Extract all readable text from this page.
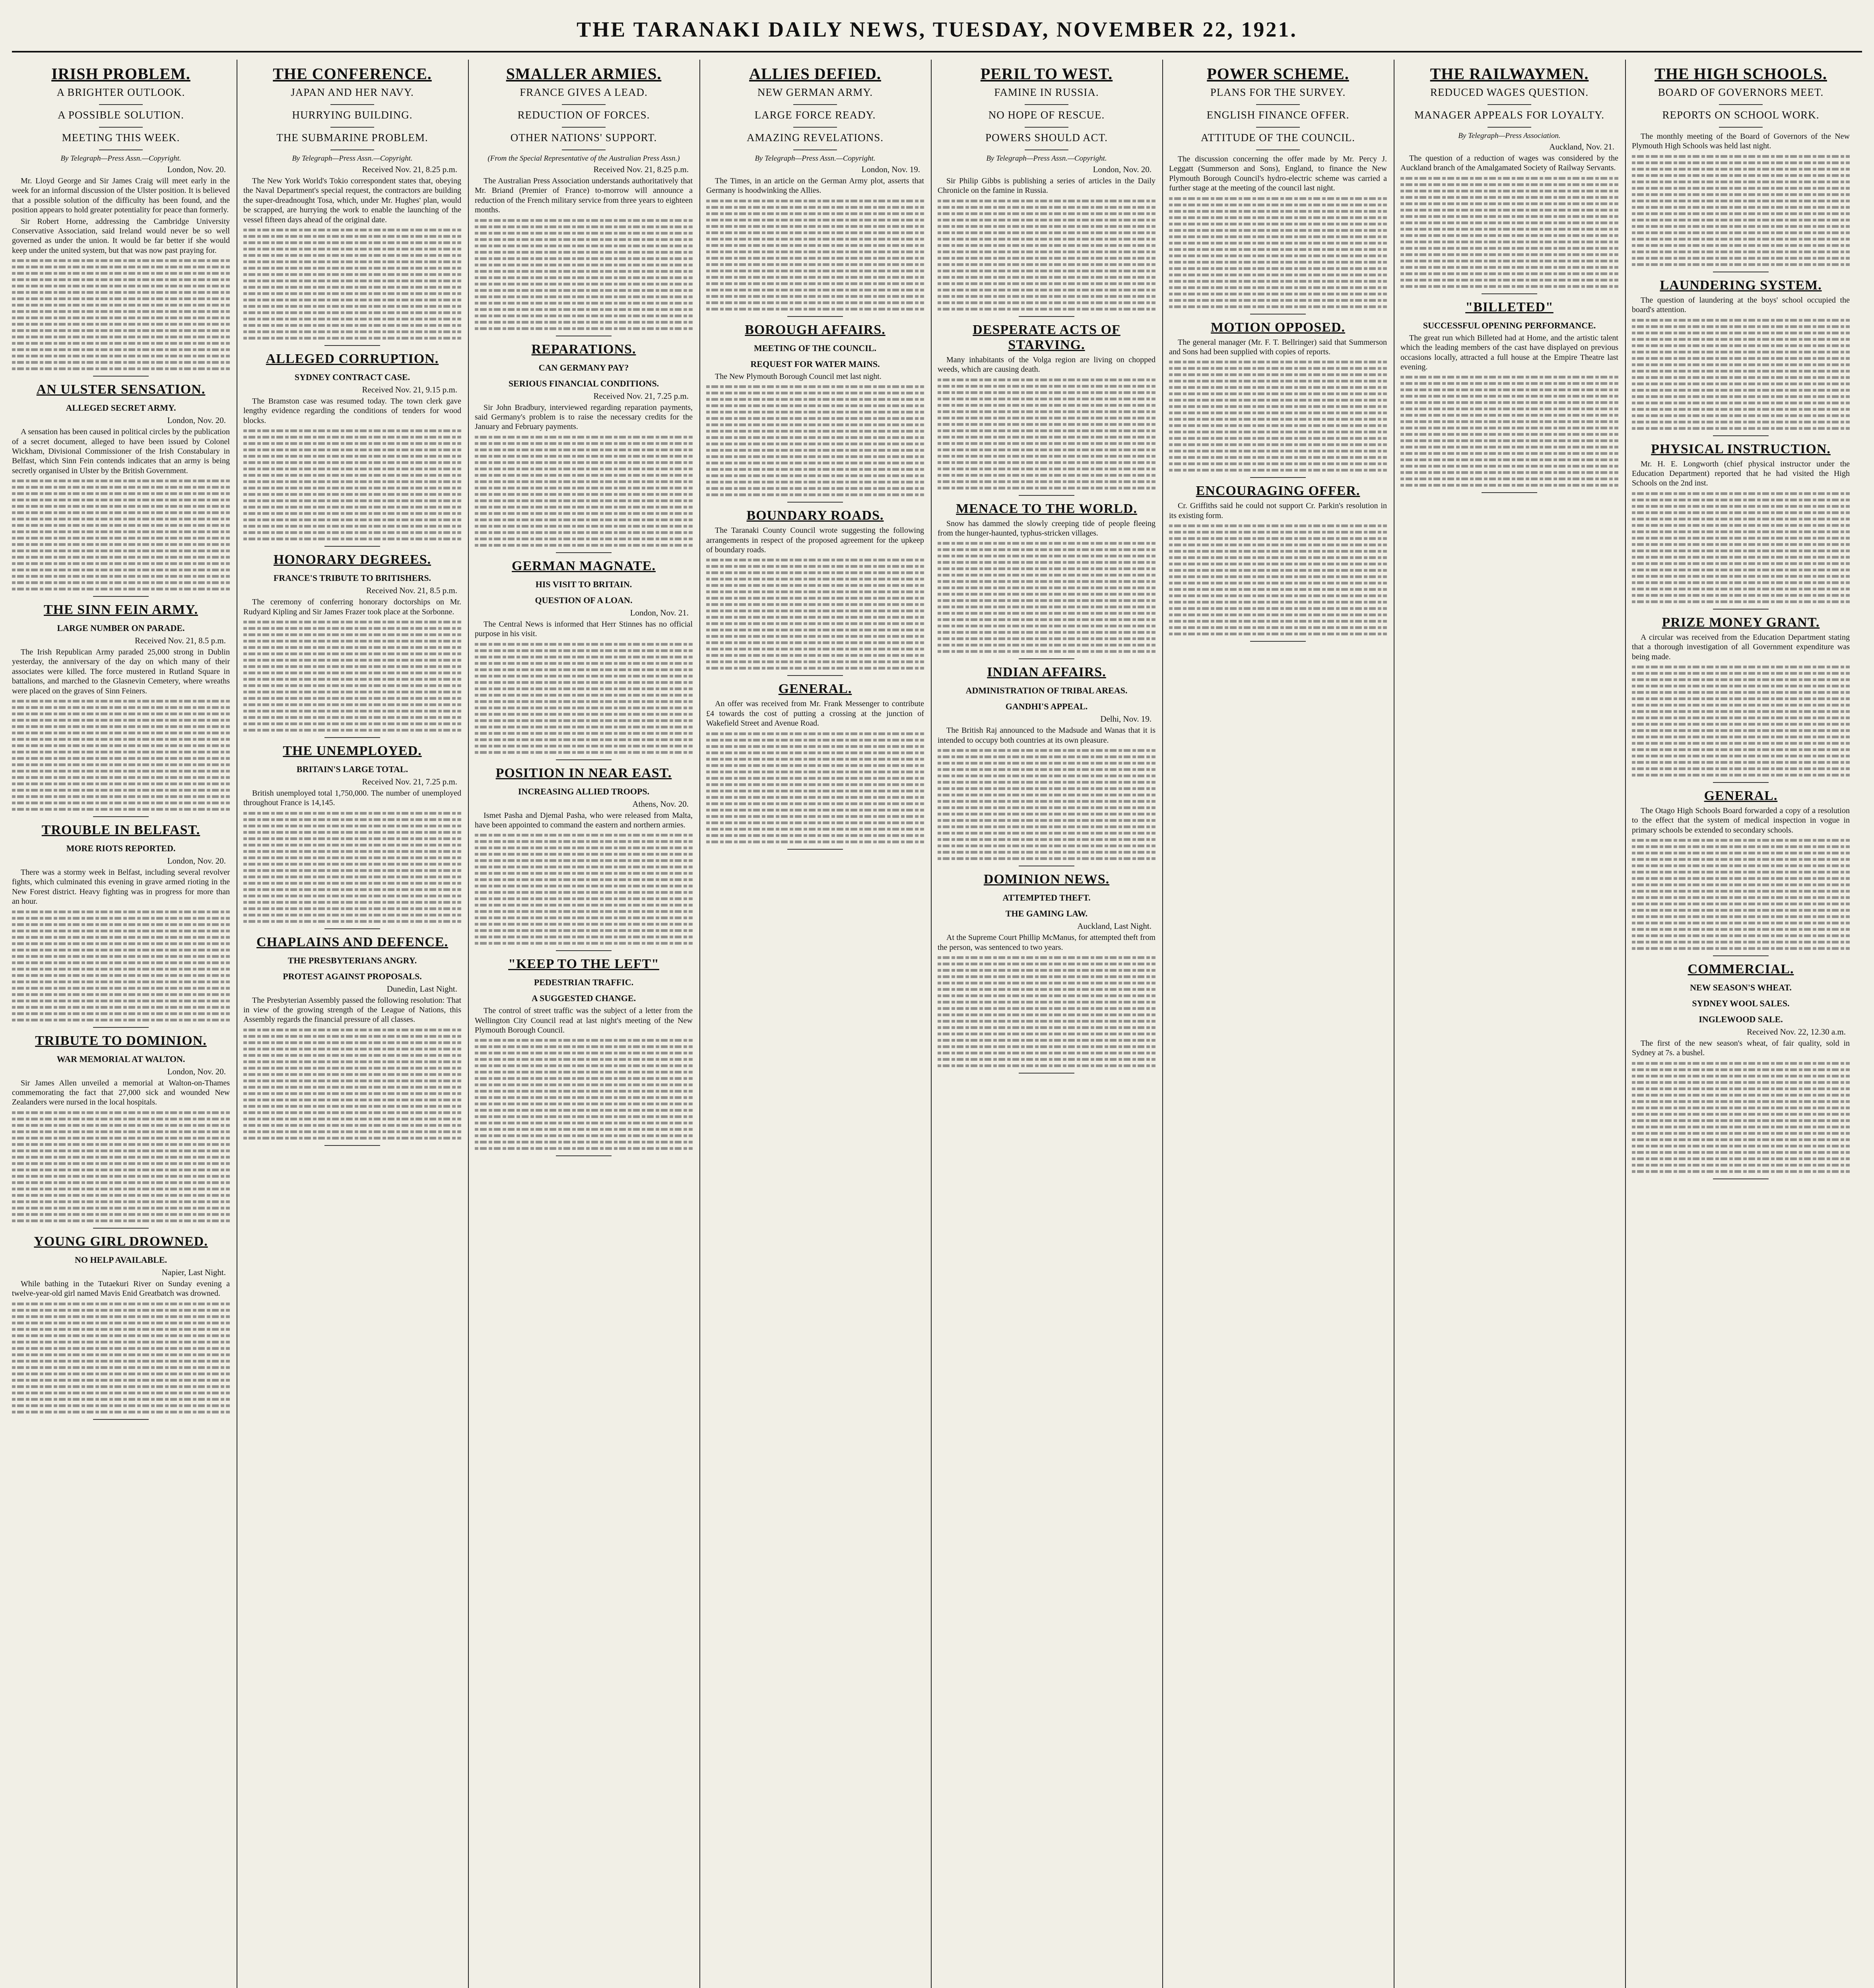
THE TARANAKI DAILY NEWS, TUESDAY, NOVEMBER 22, 1921.
IRISH PROBLEM.
A BRIGHTER OUTLOOK.
A POSSIBLE SOLUTION.
MEETING THIS WEEK.
By Telegraph—Press Assn.—Copyright.
London, Nov. 20.

Mr. Lloyd George and Sir James Craig will meet early in the week for an informal discussion of the Ulster position. It is believed that a possible solution of the difficulty has been found, and the position appears to hold greater potentiality for peace than formerly.

Sir Robert Horne, addressing the Cambridge University Conservative Association, said Ireland would never be so well governed as under the union. It would be far better if she would keep under the united system, but that was now past praying for.

AN ULSTER SENSATION.
ALLEGED SECRET ARMY.
London, Nov. 20.

A sensation has been caused in political circles by the publication of a secret document, alleged to have been issued by Colonel Wickham, Divisional Commissioner of the Irish Constabulary in Belfast, which Sinn Fein contends indicates that an army is being secretly organised in Ulster by the British Government.

THE SINN FEIN ARMY.
LARGE NUMBER ON PARADE.
Received Nov. 21, 8.5 p.m.

The Irish Republican Army paraded 25,000 strong in Dublin yesterday, the anniversary of the day on which many of their associates were killed. The force mustered in Rutland Square in battalions, and marched to the Glasnevin Cemetery, where wreaths were placed on the graves of Sinn Feiners.

TROUBLE IN BELFAST.
MORE RIOTS REPORTED.
London, Nov. 20.

There was a stormy week in Belfast, including several revolver fights, which culminated this evening in grave armed rioting in the New Forest district. Heavy fighting was in progress for more than an hour.

TRIBUTE TO DOMINION.
WAR MEMORIAL AT WALTON.
London, Nov. 20.

Sir James Allen unveiled a memorial at Walton-on-Thames commemorating the fact that 27,000 sick and wounded New Zealanders were nursed in the local hospitals.

YOUNG GIRL DROWNED.
NO HELP AVAILABLE.
Napier, Last Night.

While bathing in the Tutaekuri River on Sunday evening a twelve-year-old girl named Mavis Enid Greatbatch was drowned.

THE CONFERENCE.
JAPAN AND HER NAVY.
HURRYING BUILDING.
THE SUBMARINE PROBLEM.
By Telegraph—Press Assn.—Copyright.
Received Nov. 21, 8.25 p.m.

The New York World's Tokio correspondent states that, obeying the Naval Department's special request, the contractors are building the super-dreadnought Tosa, which, under Mr. Hughes' plan, would be scrapped, are hurrying the work to enable the launching of the vessel fifteen days ahead of the original date.

ALLEGED CORRUPTION.
SYDNEY CONTRACT CASE.
Received Nov. 21, 9.15 p.m.

The Bramston case was resumed today. The town clerk gave lengthy evidence regarding the conditions of tenders for wood blocks.

HONORARY DEGREES.
FRANCE'S TRIBUTE TO BRITISHERS.
Received Nov. 21, 8.5 p.m.

The ceremony of conferring honorary doctorships on Mr. Rudyard Kipling and Sir James Frazer took place at the Sorbonne.

THE UNEMPLOYED.
BRITAIN'S LARGE TOTAL.
Received Nov. 21, 7.25 p.m.

British unemployed total 1,750,000. The number of unemployed throughout France is 14,145.

CHAPLAINS AND DEFENCE.
THE PRESBYTERIANS ANGRY.
PROTEST AGAINST PROPOSALS.
Dunedin, Last Night.

The Presbyterian Assembly passed the following resolution: That in view of the growing strength of the League of Nations, this Assembly regards the financial pressure of all classes.

SMALLER ARMIES.
FRANCE GIVES A LEAD.
REDUCTION OF FORCES.
OTHER NATIONS' SUPPORT.
(From the Special Representative of the Australian Press Assn.)
Received Nov. 21, 8.25 p.m.

The Australian Press Association understands authoritatively that Mr. Briand (Premier of France) to-morrow will announce a reduction of the French military service from three years to eighteen months.

REPARATIONS.
CAN GERMANY PAY?
SERIOUS FINANCIAL CONDITIONS.
Received Nov. 21, 7.25 p.m.

Sir John Bradbury, interviewed regarding reparation payments, said Germany's problem is to raise the necessary credits for the January and February payments.

GERMAN MAGNATE.
HIS VISIT TO BRITAIN.
QUESTION OF A LOAN.
London, Nov. 21.

The Central News is informed that Herr Stinnes has no official purpose in his visit.

POSITION IN NEAR EAST.
INCREASING ALLIED TROOPS.
Athens, Nov. 20.

Ismet Pasha and Djemal Pasha, who were released from Malta, have been appointed to command the eastern and northern armies.

"KEEP TO THE LEFT"
PEDESTRIAN TRAFFIC.
A SUGGESTED CHANGE.

The control of street traffic was the subject of a letter from the Wellington City Council read at last night's meeting of the New Plymouth Borough Council.

ALLIES DEFIED.
NEW GERMAN ARMY.
LARGE FORCE READY.
AMAZING REVELATIONS.
By Telegraph—Press Assn.—Copyright.
London, Nov. 19.

The Times, in an article on the German Army plot, asserts that Germany is hoodwinking the Allies.

BOROUGH AFFAIRS.
MEETING OF THE COUNCIL.
REQUEST FOR WATER MAINS.

The New Plymouth Borough Council met last night.

BOUNDARY ROADS.

The Taranaki County Council wrote suggesting the following arrangements in respect of the proposed agreement for the upkeep of boundary roads.

GENERAL.

An offer was received from Mr. Frank Messenger to contribute £4 towards the cost of putting a crossing at the junction of Wakefield Street and Avenue Road.

PERIL TO WEST.
FAMINE IN RUSSIA.
NO HOPE OF RESCUE.
POWERS SHOULD ACT.
By Telegraph—Press Assn.—Copyright.
London, Nov. 20.

Sir Philip Gibbs is publishing a series of articles in the Daily Chronicle on the famine in Russia.

DESPERATE ACTS OF STARVING.

Many inhabitants of the Volga region are living on chopped weeds, which are causing death.

MENACE TO THE WORLD.

Snow has dammed the slowly creeping tide of people fleeing from the hunger-haunted, typhus-stricken villages.

INDIAN AFFAIRS.
ADMINISTRATION OF TRIBAL AREAS.
GANDHI'S APPEAL.
Delhi, Nov. 19.

The British Raj announced to the Madsude and Wanas that it is intended to occupy both countries at its own pleasure.

DOMINION NEWS.
ATTEMPTED THEFT.
THE GAMING LAW.
Auckland, Last Night.

At the Supreme Court Phillip McManus, for attempted theft from the person, was sentenced to two years.

POWER SCHEME.
PLANS FOR THE SURVEY.
ENGLISH FINANCE OFFER.
ATTITUDE OF THE COUNCIL.

The discussion concerning the offer made by Mr. Percy J. Leggatt (Summerson and Sons), England, to finance the New Plymouth Borough Council's hydro-electric scheme was carried a further stage at the meeting of the council last night.

MOTION OPPOSED.

The general manager (Mr. F. T. Bellringer) said that Summerson and Sons had been supplied with copies of reports.

ENCOURAGING OFFER.

Cr. Griffiths said he could not support Cr. Parkin's resolution in its existing form.

THE RAILWAYMEN.
REDUCED WAGES QUESTION.
MANAGER APPEALS FOR LOYALTY.
By Telegraph—Press Association.
Auckland, Nov. 21.

The question of a reduction of wages was considered by the Auckland branch of the Amalgamated Society of Railway Servants.

"BILLETED"
SUCCESSFUL OPENING PERFORMANCE.

The great run which Billeted had at Home, and the artistic talent which the leading members of the cast have displayed on previous occasions locally, attracted a full house at the Empire Theatre last evening.

THE HIGH SCHOOLS.
BOARD OF GOVERNORS MEET.
REPORTS ON SCHOOL WORK.

The monthly meeting of the Board of Governors of the New Plymouth High Schools was held last night.

LAUNDERING SYSTEM.

The question of laundering at the boys' school occupied the board's attention.

PHYSICAL INSTRUCTION.

Mr. H. E. Longworth (chief physical instructor under the Education Department) reported that he had visited the High Schools on the 2nd inst.

PRIZE MONEY GRANT.

A circular was received from the Education Department stating that a thorough investigation of all Government expenditure was being made.

GENERAL.

The Otago High Schools Board forwarded a copy of a resolution to the effect that the system of medical inspection in vogue in primary schools be extended to secondary schools.

COMMERCIAL.
NEW SEASON'S WHEAT.
SYDNEY WOOL SALES.
INGLEWOOD SALE.
Received Nov. 22, 12.30 a.m.

The first of the new season's wheat, of fair quality, sold in Sydney at 7s. a bushel.
